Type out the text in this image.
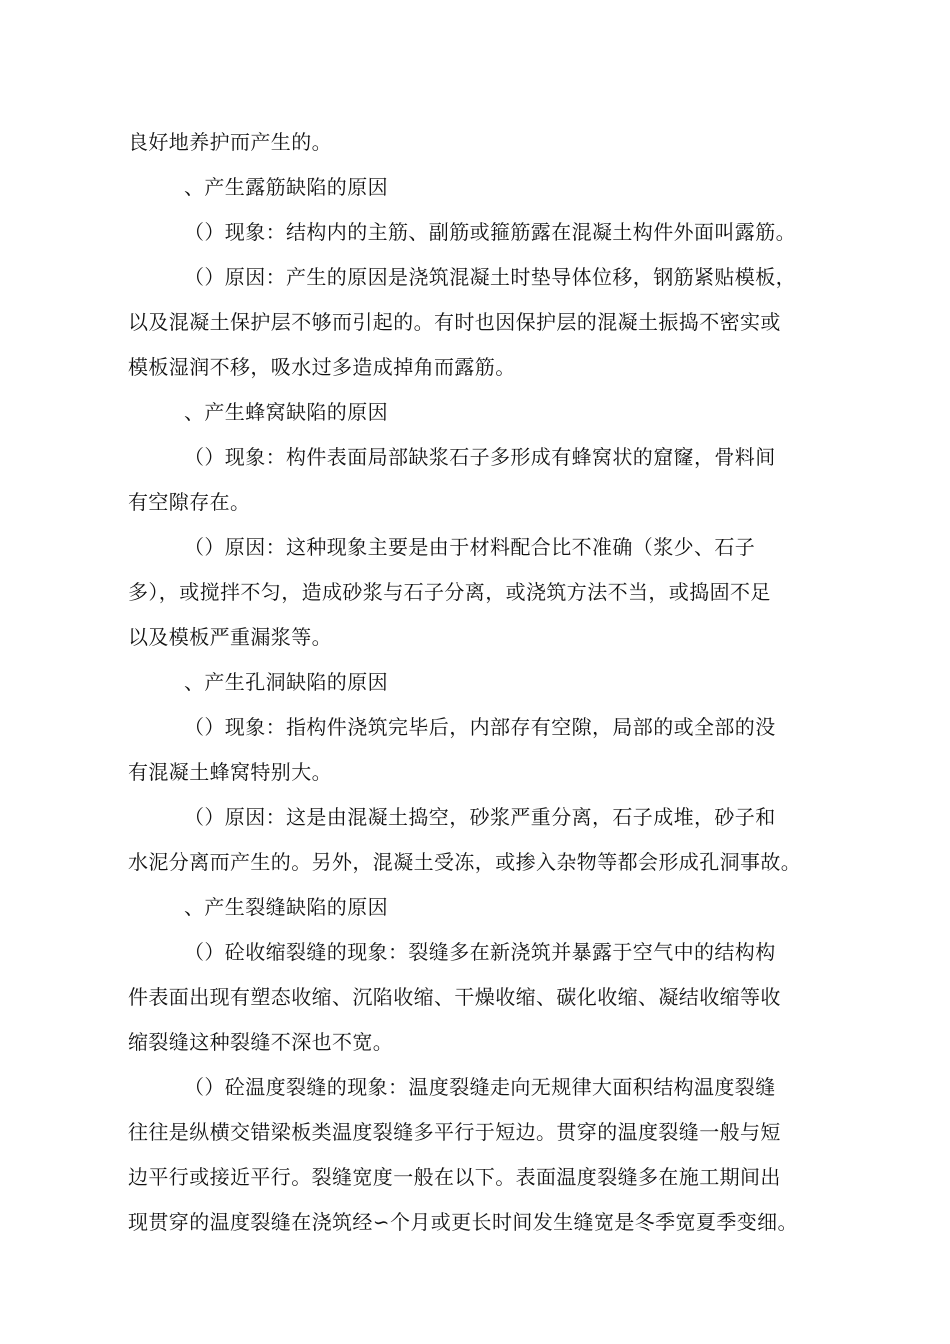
良好地养护而产生的。
、产生露筋缺陷的原因
（）现象：结构内的主筋、副筋或箍筋露在混凝土构件外面叫露筋。
（）原因：产生的原因是浇筑混凝土时垫导体位移，钢筋紧贴模板，
以及混凝土保护层不够而引起的。有时也因保护层的混凝土振捣不密实或
模板湿润不移，吸水过多造成掉角而露筋。
、产生蜂窝缺陷的原因
（）现象：构件表面局部缺浆石子多形成有蜂窝状的窟窿，骨料间
有空隙存在。
（）原因：这种现象主要是由于材料配合比不准确（浆少、石子
多），或搅拌不匀，造成砂浆与石子分离，或浇筑方法不当，或捣固不足
以及模板严重漏浆等。
、产生孔洞缺陷的原因
（）现象：指构件浇筑完毕后，内部存有空隙，局部的或全部的没
有混凝土蜂窝特别大。
（）原因：这是由混凝土捣空，砂浆严重分离，石子成堆，砂子和
水泥分离而产生的。另外，混凝土受冻，或掺入杂物等都会形成孔洞事故。
、产生裂缝缺陷的原因
（）砼收缩裂缝的现象：裂缝多在新浇筑并暴露于空气中的结构构
件表面出现有塑态收缩、沉陷收缩、干燥收缩、碳化收缩、凝结收缩等收
缩裂缝这种裂缝不深也不宽。
（）砼温度裂缝的现象：温度裂缝走向无规律大面积结构温度裂缝
往往是纵横交错梁板类温度裂缝多平行于短边。贯穿的温度裂缝一般与短
边平行或接近平行。裂缝宽度一般在以下。表面温度裂缝多在施工期间出
现贯穿的温度裂缝在浇筑经∽个月或更长时间发生缝宽是冬季宽夏季变细。
